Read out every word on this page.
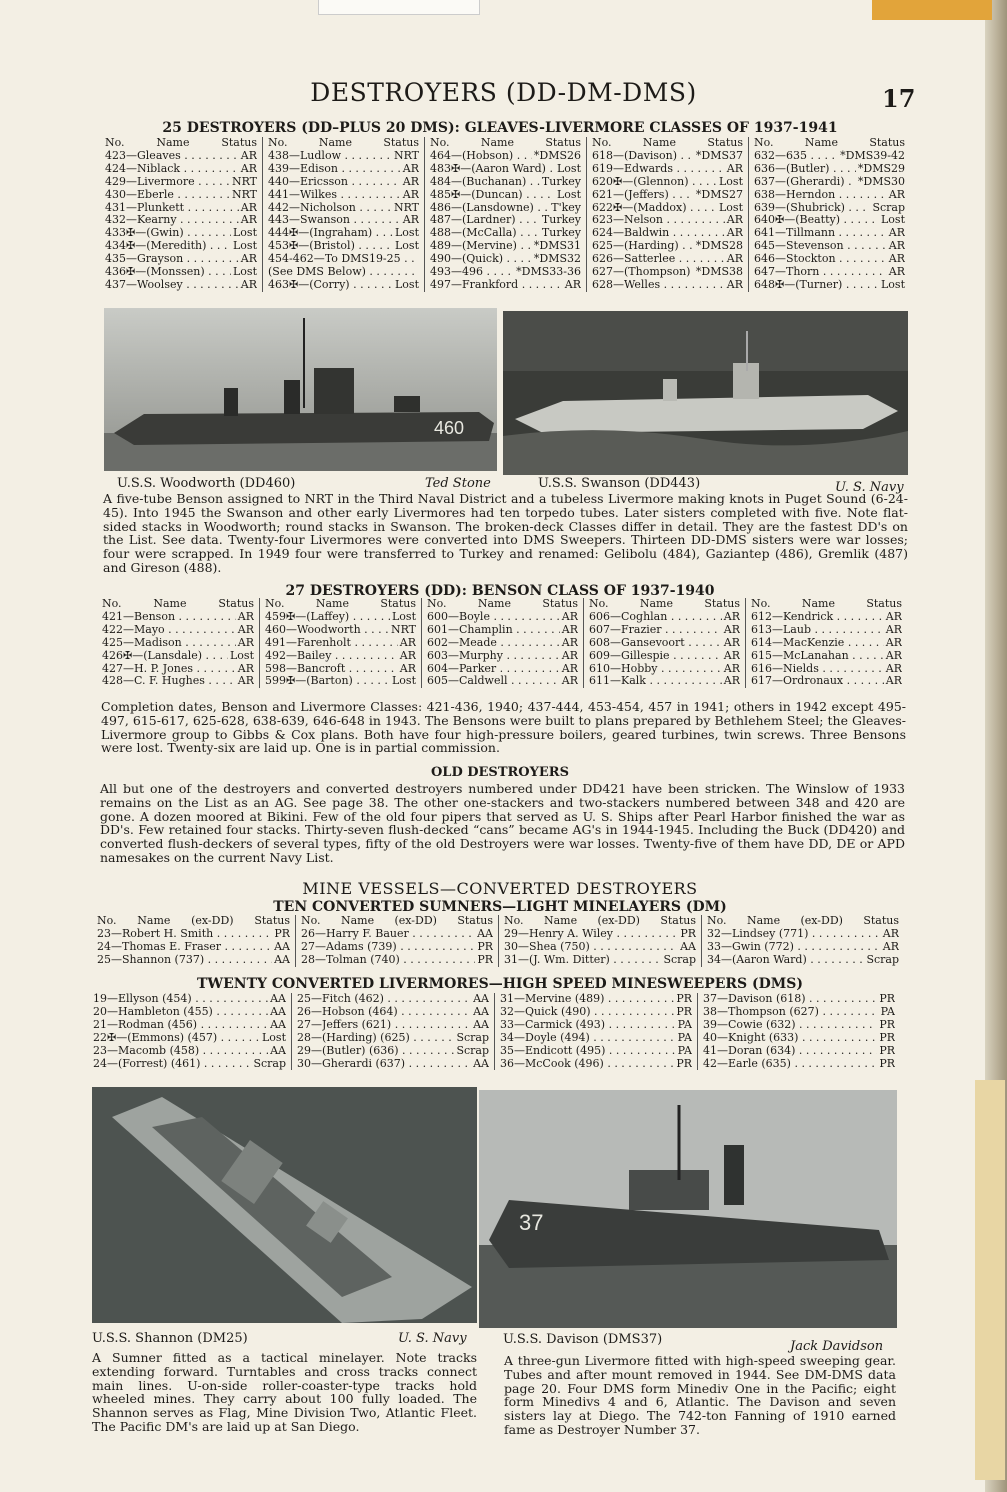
DESTROYERS (DD-DM-DMS)	17
25 DESTROYERS (DD–PLUS 20 DMS): GLEAVES-LIVERMORE CLASSES OF 1937-1941
No.	Name	Status
423 — Gleaves . . .	AR
424 — Niblack . . .	AR
429 — Livermore . . .	NRT
430 — Eberle . . .	NRT
431 — Plunkett . . .	AR
432 — Kearny . . .	AR
433✠ — (Gwin) . . .	Lost
434✠ — (Meredith) . . .	Lost
435 — Grayson . . .	AR
436✠ — (Monssen) . . .	Lost
437 — Woolsey . . .	AR
No.	Name	Status
438 — Ludlow . . .	NRT
439 — Edison . . .	AR
440 — Ericsson . . .	AR
441 — Wilkes . . .	AR
442 — Nicholson . . .	NRT
443 — Swanson . . .	AR
444✠ — (Ingraham) . . .	Lost
453✠ — (Bristol) . . .	Lost
454-462 — To DMS19-25 . . .
(See DMS Below) . . .
463✠ — (Corry) . . .	Lost
No.	Name	Status
464 — (Hobson) . . .	*DMS26
483✠ — (Aaron Ward) . . .	Lost
484 — (Buchanan) . . .	Turkey
485✠ — (Duncan) . . .	Lost
486 — (Lansdowne) . . .	T'key
487 — (Lardner) . . .	Turkey
488 — (McCalla) . . .	Turkey
489 — (Mervine) . . .	*DMS31
490 — (Quick) . . .	*DMS32
493 — 496 . . .	*DMS33-36
497 — Frankford . . .	AR
No.	Name	Status
618 — (Davison) . . .	*DMS37
619 — Edwards . . .	AR
620✠ — (Glennon) . . .	Lost
621 — (Jeffers) . . .	*DMS27
622✠ — (Maddox) . . .	Lost
623 — Nelson . . .	AR
624 — Baldwin . . .	AR
625 — (Harding) . . .	*DMS28
626 — Satterlee . . .	AR
627 — (Thompson) . . . *DMS38
628 — Welles . . .	AR
No.	Name	Status
632 — 635 . . .	*DMS39-42
636 — (Butler) . . .	*DMS29
637 — (Gherardi) . . .	*DMS30
638 — Herndon . . .	AR
639 — (Shubrick) . . .	Scrap
640✠ — (Beatty) . . .	Lost
641 — Tillmann . . .	AR
645 — Stevenson . . .	AR
646 — Stockton . . .	AR
647 — Thorn . . .	AR
648✠ — (Turner) . . .	Lost
460
U.S.S. Woodworth (DD460)	Ted Stone	U.S.S. Swanson (DD443)	U. S. Navy
A five-tube Benson assigned to NRT in the Third Naval District and a tubeless Livermore making knots in Puget Sound (6-24-45). Into 1945 the Swanson and other early Livermores had ten torpedo tubes. Later sisters completed with five. Note flat-sided stacks in Woodworth; round stacks in Swanson. The broken-deck Classes differ in detail. They are the fastest DD's on the List. See data. Twenty-four Livermores were converted into DMS Sweepers. Thirteen DD-DMS sisters were war losses; four were scrapped. In 1949 four were transferred to Turkey and renamed: Gelibolu (484), Gaziantep (486), Gremlik (487) and Gireson (488).
27 DESTROYERS (DD): BENSON CLASS OF 1937-1940
No.	Name	Status
421 — Benson . . .	AR
422 — Mayo . . .	AR
425 — Madison . . .	AR
426✠ — (Lansdale) . . .	Lost
427 — H. P. Jones . . .	AR
428 — C. F. Hughes . . .	AR
No.	Name	Status
459✠ — (Laffey) . . .	Lost
460 — Woodworth . . .	NRT
491 — Farenholt . . .	AR
492 — Bailey . . .	AR
598 — Bancroft . . .	AR
599✠ — (Barton) . . .	Lost
No.	Name	Status
600 — Boyle . . .	AR
601 — Champlin . . .	AR
602 — Meade . . .	AR
603 — Murphy . . .	AR
604 — Parker . . .	AR
605 — Caldwell . . .	AR
No.	Name	Status
606 — Coghlan . . .	AR
607 — Frazier . . .	AR
608 — Gansevoort . . .	AR
609 — Gillespie . . .	AR
610 — Hobby . . .	AR
611 — Kalk . . .	AR
No.	Name	Status
612 — Kendrick . . .	AR
613 — Laub . . .	AR
614 — MacKenzie . . .	AR
615 — McLanahan . . .	AR
616 — Nields . . .	AR
617 — Ordronaux . . .	AR
Completion dates, Benson and Livermore Classes: 421-436, 1940; 437-444, 453-454, 457 in 1941; others in 1942 except 495-497, 615-617, 625-628, 638-639, 646-648 in 1943. The Bensons were built to plans prepared by Bethlehem Steel; the Gleaves-Livermore group to Gibbs & Cox plans. Both have four high-pressure boilers, geared turbines, twin screws. Three Bensons were lost. Twenty-six are laid up. One is in partial commission.
OLD DESTROYERS
All but one of the destroyers and converted destroyers numbered under DD421 have been stricken. The Winslow of 1933 remains on the List as an AG. See page 38. The other one-stackers and two-stackers numbered between 348 and 420 are gone. A dozen moored at Bikini. Few of the old four pipers that served as U. S. Ships after Pearl Harbor finished the war as DD's. Few retained four stacks. Thirty-seven flush-decked “cans” became AG's in 1944-1945. Including the Buck (DD420) and converted flush-deckers of several types, fifty of the old Destroyers were war losses. Twenty-five of them have DD, DE or APD namesakes on the current Navy List.
MINE VESSELS—CONVERTED DESTROYERS
TEN CONVERTED SUMNERS—LIGHT MINELAYERS (DM)
No. Name (ex-DD) Status
23 — Robert H. Smith . . .	PR
24 — Thomas E. Fraser . . .	AA
25 — Shannon (737) . . .	AA
No. Name (ex-DD) Status
26 — Harry F. Bauer . . .	AA
27 — Adams (739) . . .	PR
28 — Tolman (740) . . .	PR
No. Name (ex-DD) Status
29 — Henry A. Wiley . . .	PR
30 — Shea (750) . . .	AA
31 — (J. Wm. Ditter) . . .	Scrap
No. Name (ex-DD) Status
32 — Lindsey (771) . . .	AR
33 — Gwin (772) . . .	AR
34 — (Aaron Ward) . . .	Scrap
TWENTY CONVERTED LIVERMORES—HIGH SPEED MINESWEEPERS (DMS)
19 — Ellyson (454) . . .	AA
20 — Hambleton (455) . . .	AA
21 — Rodman (456) . . .	AA
22✠ — (Emmons) (457) . . .	Lost
23 — Macomb (458) . . .	AA
24 — (Forrest) (461) . . .	Scrap
25 — Fitch (462) . . .	AA
26 — Hobson (464) . . .	AA
27 — Jeffers (621) . . .	AA
28 — (Harding) (625) . . .	Scrap
29 — (Butler) (636) . . .	Scrap
30 — Gherardi (637) . . .	AA
31 — Mervine (489) . . .	PR
32 — Quick (490) . . .	PR
33 — Carmick (493) . . .	PA
34 — Doyle (494) . . .	PA
35 — Endicott (495) . . .	PA
36 — McCook (496) . . .	PR
37 — Davison (618) . . .	PR
38 — Thompson (627) . . .	PA
39 — Cowie (632) . . .	PR
40 — Knight (633) . . .	PR
41 — Doran (634) . . .	PR
42 — Earle (635) . . .	PR
37
U.S.S. Shannon (DM25)	U. S. Navy	U.S.S. Davison (DMS37)	Jack Davidson
A Sumner fitted as a tactical minelayer. Note tracks extending forward. Turntables and cross tracks connect main lines. U-on-side roller-coaster-type tracks hold wheeled mines. They carry about 100 fully loaded. The Shannon serves as Flag, Mine Division Two, Atlantic Fleet. The Pacific DM's are laid up at San Diego.
A three-gun Livermore fitted with high-speed sweeping gear. Tubes and after mount removed in 1944. See DM-DMS data page 20. Four DMS form Minediv One in the Pacific; eight form Minedivs 4 and 6, Atlantic. The Davison and seven sisters lay at Diego. The 742-ton Fanning of 1910 earned fame as Destroyer Number 37.
